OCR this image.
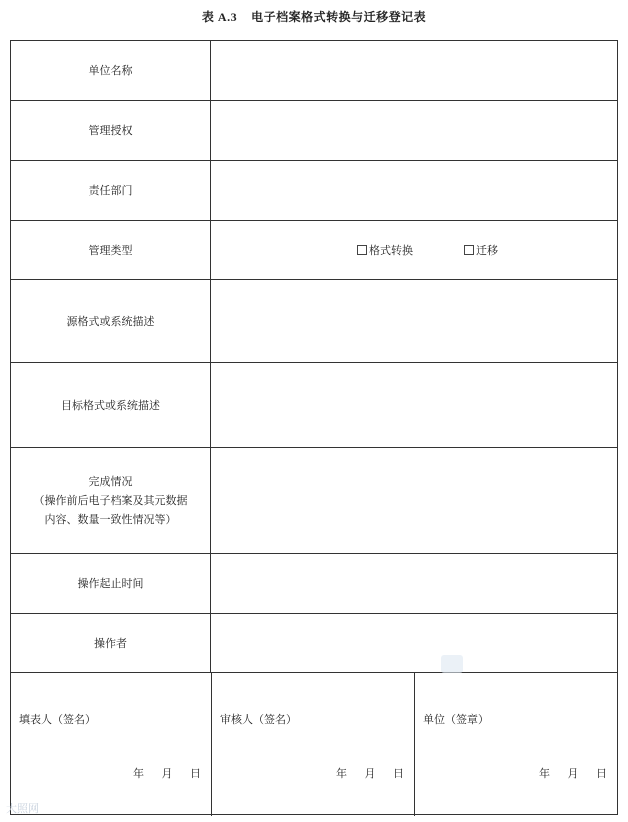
表 A.3 电子档案格式转换与迁移登记表
单位名称
管理授权
责任部门
管理类型	格式转换	迁移
源格式或系统描述
目标格式或系统描述
完成情况
（操作前后电子档案及其元数据
内容、数量一致性情况等）
操作起止时间
操作者
填表人（签名）
年 月 日
审核人（签名）
年 月 日
单位（签章）
年 月 日
大照网
